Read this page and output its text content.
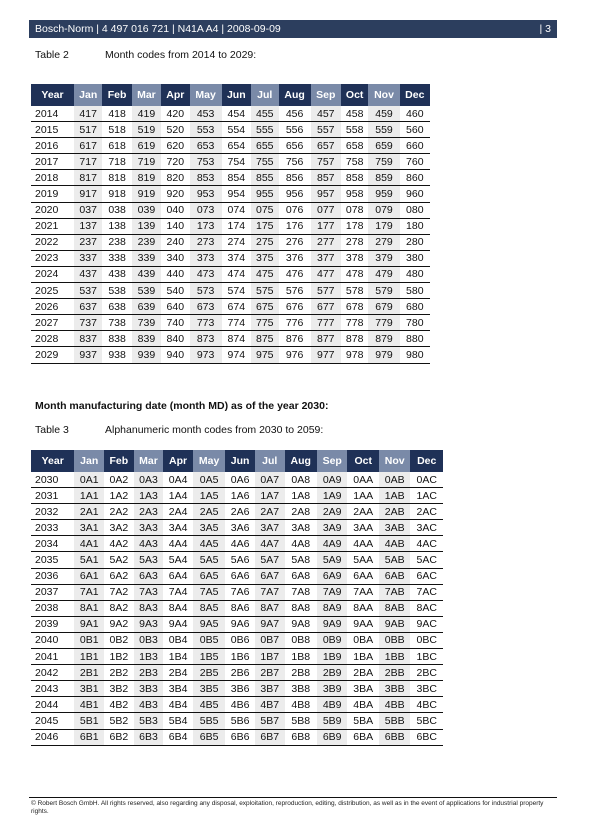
Bosch-Norm | 4 497 016 721 | N41A A4 | 2008-09-09	| 3
Table 2	Month codes from 2014 to 2029:
Year	Jan	Feb	Mar	Apr	May	Jun	Jul	Aug	Sep	Oct	Nov	Dec
2014	417	418	419	420	453	454	455	456	457	458	459	460
2015	517	518	519	520	553	554	555	556	557	558	559	560
2016	617	618	619	620	653	654	655	656	657	658	659	660
2017	717	718	719	720	753	754	755	756	757	758	759	760
2018	817	818	819	820	853	854	855	856	857	858	859	860
2019	917	918	919	920	953	954	955	956	957	958	959	960
2020	037	038	039	040	073	074	075	076	077	078	079	080
2021	137	138	139	140	173	174	175	176	177	178	179	180
2022	237	238	239	240	273	274	275	276	277	278	279	280
2023	337	338	339	340	373	374	375	376	377	378	379	380
2024	437	438	439	440	473	474	475	476	477	478	479	480
2025	537	538	539	540	573	574	575	576	577	578	579	580
2026	637	638	639	640	673	674	675	676	677	678	679	680
2027	737	738	739	740	773	774	775	776	777	778	779	780
2028	837	838	839	840	873	874	875	876	877	878	879	880
2029	937	938	939	940	973	974	975	976	977	978	979	980
Month manufacturing date (month MD) as of the year 2030:
Table 3	Alphanumeric month codes from 2030 to 2059:
Year	Jan	Feb	Mar	Apr	May	Jun	Jul	Aug	Sep	Oct	Nov	Dec
2030	0A1	0A2	0A3	0A4	0A5	0A6	0A7	0A8	0A9	0AA	0AB	0AC
2031	1A1	1A2	1A3	1A4	1A5	1A6	1A7	1A8	1A9	1AA	1AB	1AC
2032	2A1	2A2	2A3	2A4	2A5	2A6	2A7	2A8	2A9	2AA	2AB	2AC
2033	3A1	3A2	3A3	3A4	3A5	3A6	3A7	3A8	3A9	3AA	3AB	3AC
2034	4A1	4A2	4A3	4A4	4A5	4A6	4A7	4A8	4A9	4AA	4AB	4AC
2035	5A1	5A2	5A3	5A4	5A5	5A6	5A7	5A8	5A9	5AA	5AB	5AC
2036	6A1	6A2	6A3	6A4	6A5	6A6	6A7	6A8	6A9	6AA	6AB	6AC
2037	7A1	7A2	7A3	7A4	7A5	7A6	7A7	7A8	7A9	7AA	7AB	7AC
2038	8A1	8A2	8A3	8A4	8A5	8A6	8A7	8A8	8A9	8AA	8AB	8AC
2039	9A1	9A2	9A3	9A4	9A5	9A6	9A7	9A8	9A9	9AA	9AB	9AC
2040	0B1	0B2	0B3	0B4	0B5	0B6	0B7	0B8	0B9	0BA	0BB	0BC
2041	1B1	1B2	1B3	1B4	1B5	1B6	1B7	1B8	1B9	1BA	1BB	1BC
2042	2B1	2B2	2B3	2B4	2B5	2B6	2B7	2B8	2B9	2BA	2BB	2BC
2043	3B1	3B2	3B3	3B4	3B5	3B6	3B7	3B8	3B9	3BA	3BB	3BC
2044	4B1	4B2	4B3	4B4	4B5	4B6	4B7	4B8	4B9	4BA	4BB	4BC
2045	5B1	5B2	5B3	5B4	5B5	5B6	5B7	5B8	5B9	5BA	5BB	5BC
2046	6B1	6B2	6B3	6B4	6B5	6B6	6B7	6B8	6B9	6BA	6BB	6BC
© Robert Bosch GmbH. All rights reserved, also regarding any disposal, exploitation, reproduction, editing, distribution, as well as in the event of applications for industrial property rights.
